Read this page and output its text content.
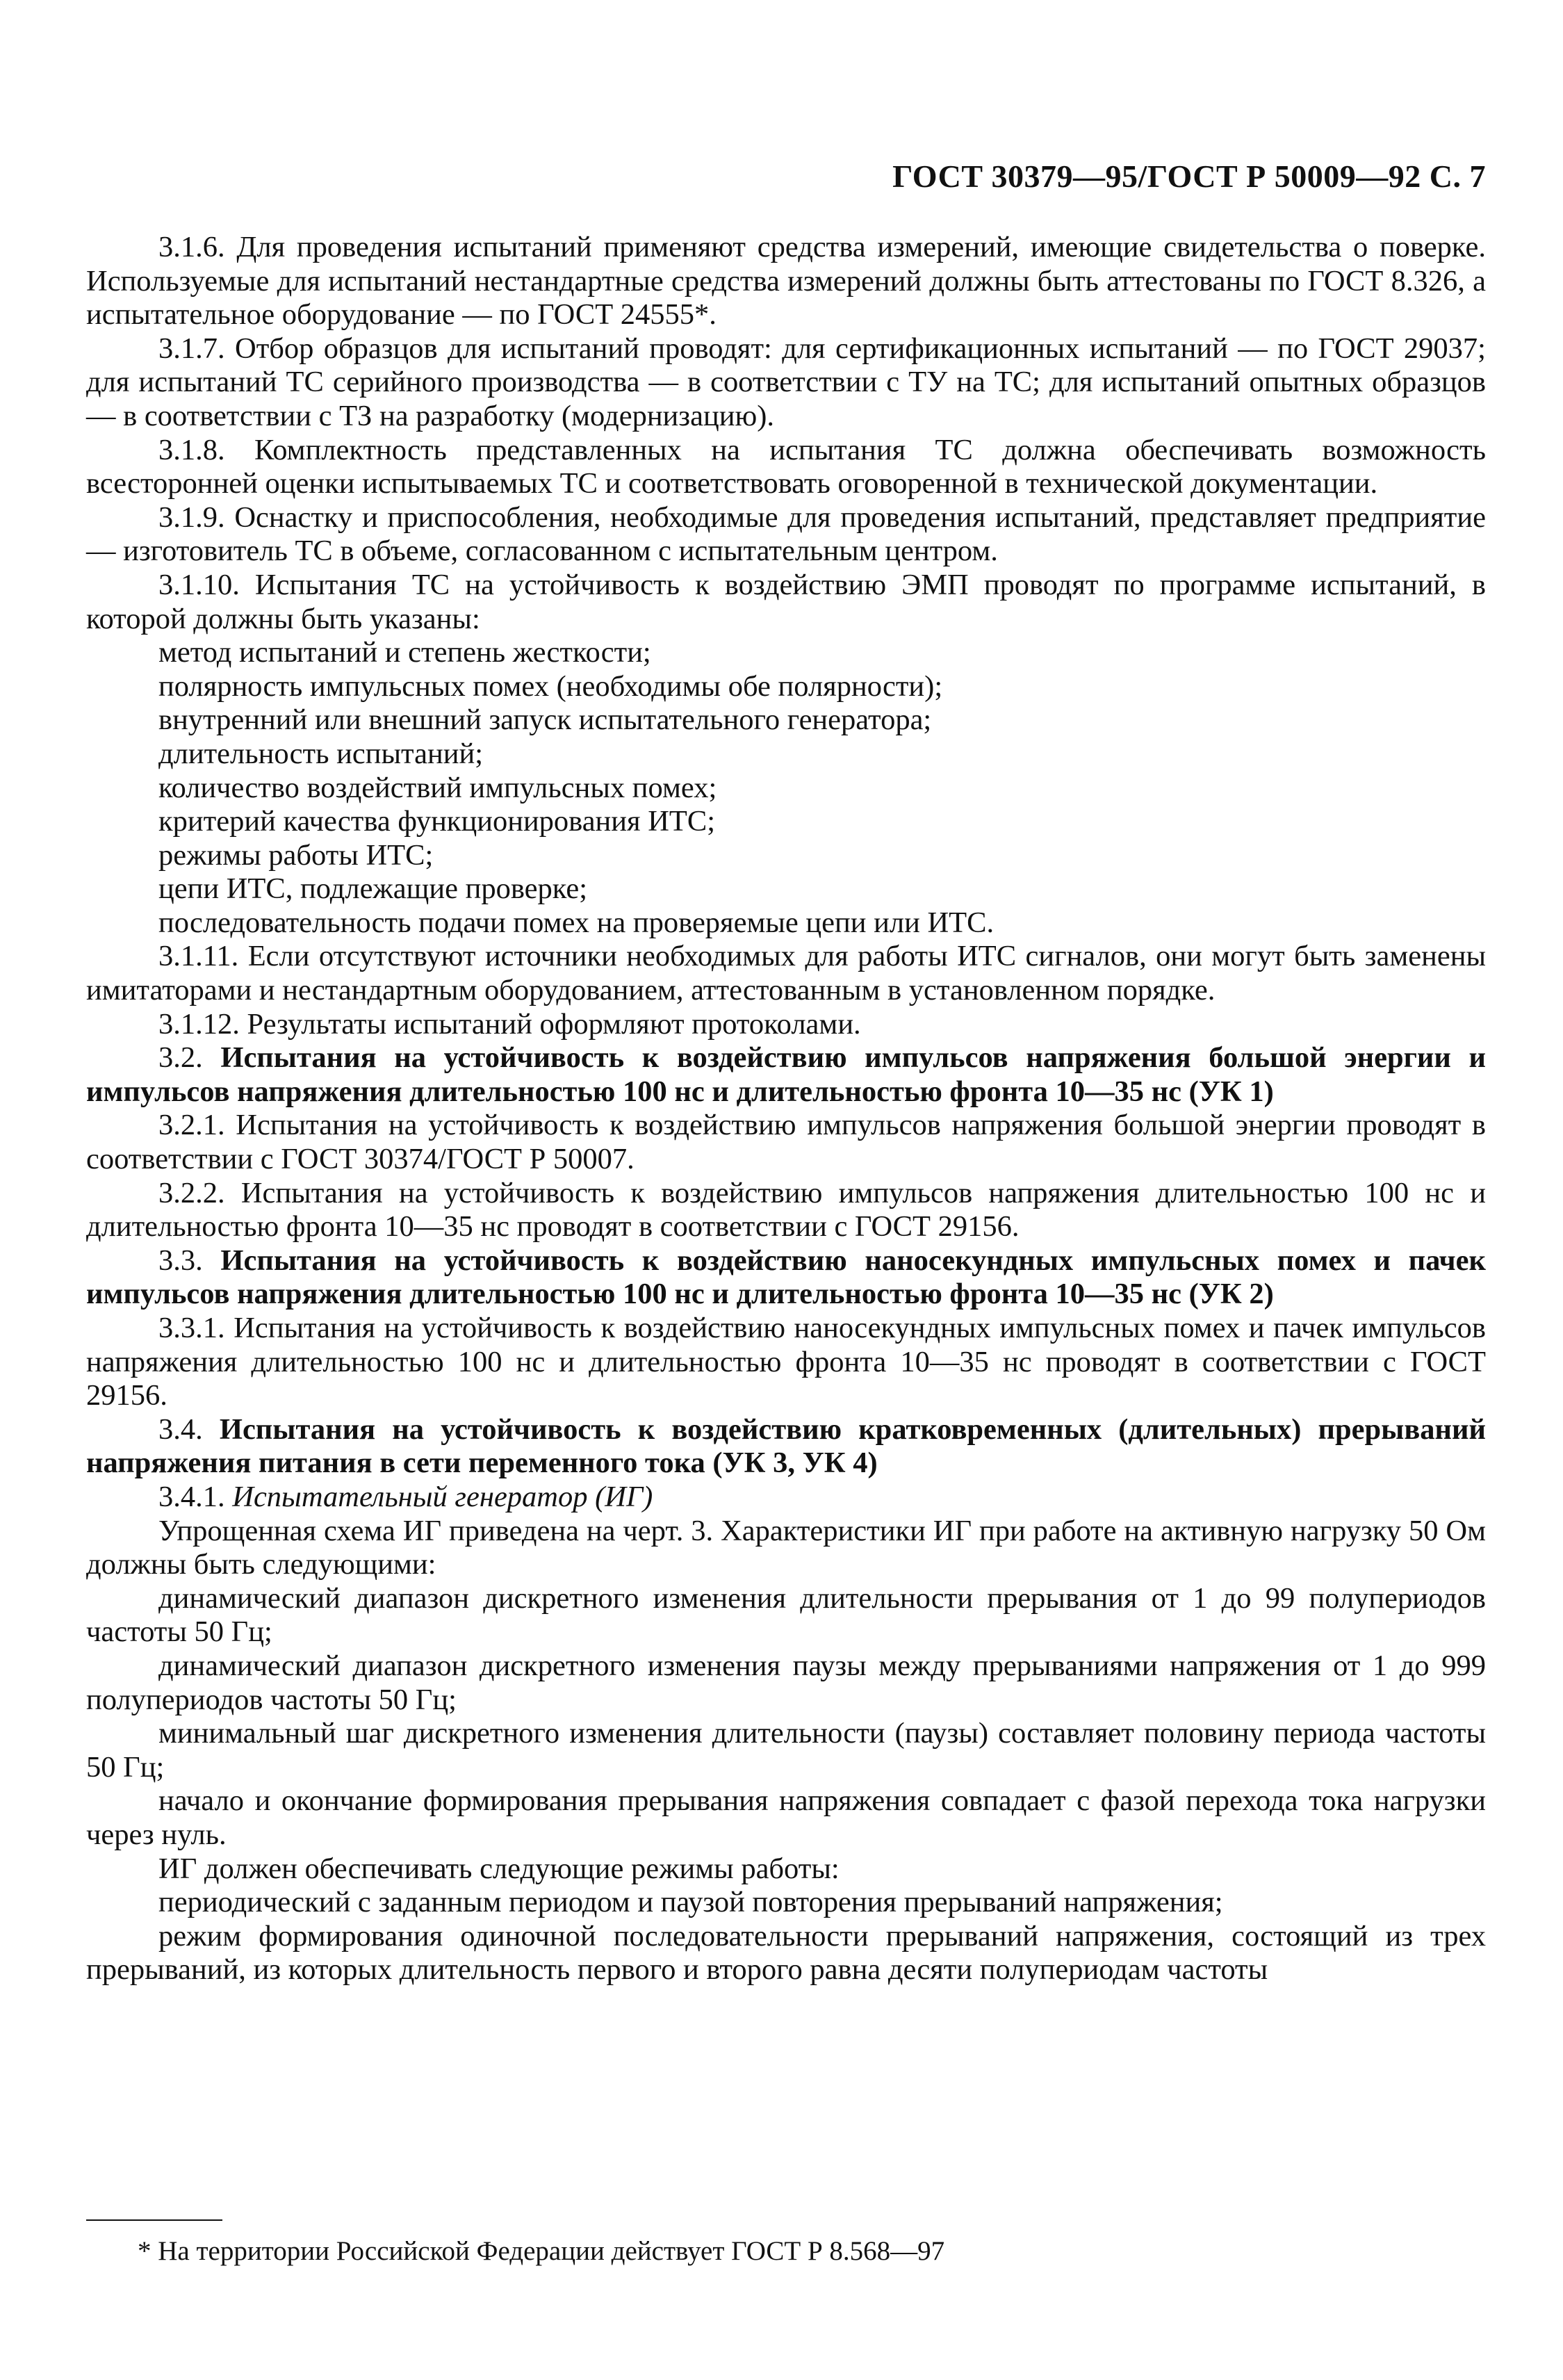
ГОСТ 30379—95/ГОСТ Р 50009—92 С. 7

3.1.6. Для проведения испытаний применяют средства измерений, имеющие свидетельства о поверке. Используемые для испытаний нестандартные средства измерений должны быть аттестованы по ГОСТ 8.326, а испытательное оборудование — по ГОСТ 24555*.

3.1.7. Отбор образцов для испытаний проводят: для сертификационных испытаний — по ГОСТ 29037; для испытаний ТС серийного производства — в соответствии с ТУ на ТС; для испытаний опытных образцов — в соответствии с ТЗ на разработку (модернизацию).

3.1.8. Комплектность представленных на испытания ТС должна обеспечивать возможность всесторонней оценки испытываемых ТС и соответствовать оговоренной в технической документации.

3.1.9. Оснастку и приспособления, необходимые для проведения испытаний, представляет предприятие — изготовитель ТС в объеме, согласованном с испытательным центром.

3.1.10. Испытания ТС на устойчивость к воздействию ЭМП проводят по программе испытаний, в которой должны быть указаны:

метод испытаний и степень жесткости;

полярность импульсных помех (необходимы обе полярности);

внутренний или внешний запуск испытательного генератора;

длительность испытаний;

количество воздействий импульсных помех;

критерий качества функционирования ИТС;

режимы работы ИТС;

цепи ИТС, подлежащие проверке;

последовательность подачи помех на проверяемые цепи или ИТС.

3.1.11. Если отсутствуют источники необходимых для работы ИТС сигналов, они могут быть заменены имитаторами и нестандартным оборудованием, аттестованным в установленном порядке.

3.1.12. Результаты испытаний оформляют протоколами.

3.2. Испытания на устойчивость к воздействию импульсов напряжения большой энергии и импульсов напряжения длительностью 100 нс и длительностью фронта 10—35 нс (УК 1)

3.2.1. Испытания на устойчивость к воздействию импульсов напряжения большой энергии проводят в соответствии с ГОСТ 30374/ГОСТ Р 50007.

3.2.2. Испытания на устойчивость к воздействию импульсов напряжения длительностью 100 нс и длительностью фронта 10—35 нс проводят в соответствии с ГОСТ 29156.

3.3. Испытания на устойчивость к воздействию наносекундных импульсных помех и пачек импульсов напряжения длительностью 100 нс и длительностью фронта 10—35 нс (УК 2)

3.3.1. Испытания на устойчивость к воздействию наносекундных импульсных помех и пачек импульсов напряжения длительностью 100 нс и длительностью фронта 10—35 нс проводят в соответствии с ГОСТ 29156.

3.4. Испытания на устойчивость к воздействию кратковременных (длительных) прерываний напряжения питания в сети переменного тока (УК 3, УК 4)

3.4.1. Испытательный генератор (ИГ)

Упрощенная схема ИГ приведена на черт. 3. Характеристики ИГ при работе на активную нагрузку 50 Ом должны быть следующими:

динамический диапазон дискретного изменения длительности прерывания от 1 до 99 полупериодов частоты 50 Гц;

динамический диапазон дискретного изменения паузы между прерываниями напряжения от 1 до 999 полупериодов частоты 50 Гц;

минимальный шаг дискретного изменения длительности (паузы) составляет половину периода частоты 50 Гц;

начало и окончание формирования прерывания напряжения совпадает с фазой перехода тока нагрузки через нуль.

ИГ должен обеспечивать следующие режимы работы:

периодический с заданным периодом и паузой повторения прерываний напряжения;

режим формирования одиночной последовательности прерываний напряжения, состоящий из трех прерываний, из которых длительность первого и второго равна десяти полупериодам частоты

* На территории Российской Федерации действует ГОСТ Р 8.568—97
